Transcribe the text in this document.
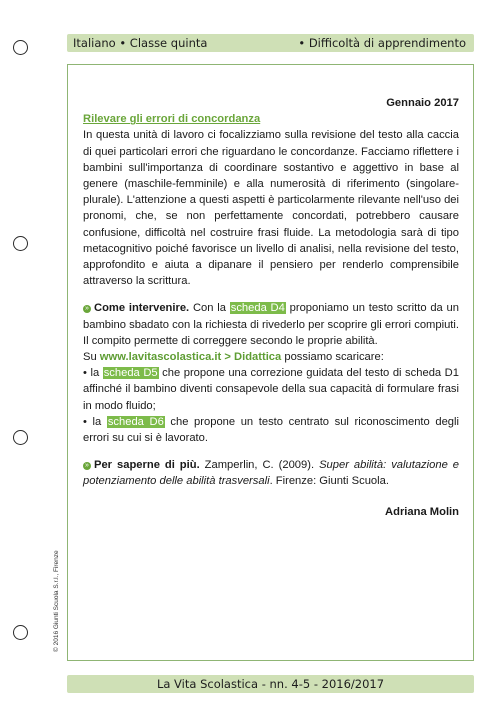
Italiano • Classe quinta	• Difficoltà di apprendimento
Gennaio 2017
Rilevare gli errori di concordanza

In questa unità di lavoro ci focalizziamo sulla revisione del testo alla caccia di quei particolari errori che riguardano le concordanze. Facciamo riflettere i bambini sull'importanza di coordinare sostantivo e aggettivo in base al genere (maschile-femminile) e alla numerosità di riferimento (singolare-plurale). L'attenzione a questi aspetti è particolarmente rilevante nell'uso dei pronomi, che, se non perfettamente concordati, potrebbero causare confusione, difficoltà nel costruire frasi fluide. La metodologia sarà di tipo metacognitivo poiché favorisce un livello di analisi, nella revisione del testo, approfondito e aiuta a dipanare il pensiero per renderlo comprensibile attraverso la scrittura.

» Come intervenire. Con la scheda D4 proponiamo un testo scritto da un bambino sbadato con la richiesta di rivederlo per scoprire gli errori compiuti. Il compito permette di correggere secondo le proprie abilità.

Su www.lavitascolastica.it > Didattica possiamo scaricare:

• la scheda D5 che propone una correzione guidata del testo di scheda D1 affinché il bambino diventi consapevole della sua capacità di formulare frasi in modo fluido;

• la scheda D6 che propone un testo centrato sul riconoscimento degli errori su cui si è lavorato.

» Per saperne di più. Zamperlin, C. (2009). Super abilità: valutazione e potenziamento delle abilità trasversali. Firenze: Giunti Scuola.

Adriana Molin
© 2016 Giunti Scuola S.r.l., Firenze
La Vita Scolastica - nn. 4-5 - 2016/2017
